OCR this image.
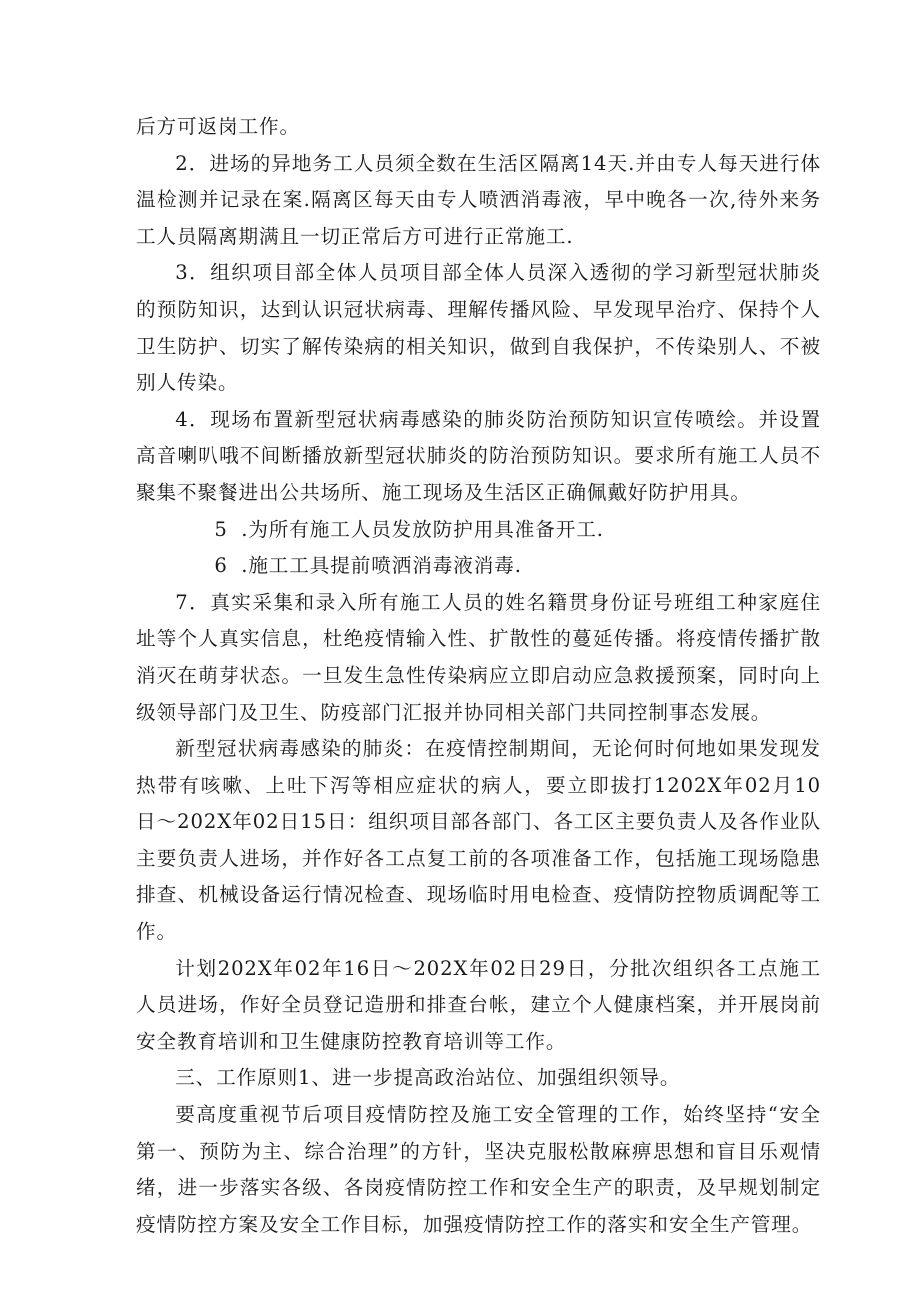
后方可返岗工作。

2．进场的异地务工人员须全数在生活区隔离14天.并由专人每天进行体温检测并记录在案.隔离区每天由专人喷洒消毒液，早中晚各一次,待外来务工人员隔离期满且一切正常后方可进行正常施工.

3．组织项目部全体人员项目部全体人员深入透彻的学习新型冠状肺炎的预防知识，达到认识冠状病毒、理解传播风险、早发现早治疗、保持个人卫生防护、切实了解传染病的相关知识，做到自我保护，不传染别人、不被别人传染。

4．现场布置新型冠状病毒感染的肺炎防治预防知识宣传喷绘。并设置高音喇叭哦不间断播放新型冠状肺炎的防治预防知识。要求所有施工人员不聚集不聚餐进出公共场所、施工现场及生活区正确佩戴好防护用具。

5 .为所有施工人员发放防护用具准备开工.

6 .施工工具提前喷洒消毒液消毒.

7．真实采集和录入所有施工人员的姓名籍贯身份证号班组工种家庭住址等个人真实信息，杜绝疫情输入性、扩散性的蔓延传播。将疫情传播扩散消灭在萌芽状态。一旦发生急性传染病应立即启动应急救援预案，同时向上级领导部门及卫生、防疫部门汇报并协同相关部门共同控制事态发展。

新型冠状病毒感染的肺炎：在疫情控制期间，无论何时何地如果发现发热带有咳嗽、上吐下泻等相应症状的病人，要立即拔打1202X年02月10日〜202X年02日15日：组织项目部各部门、各工区主要负责人及各作业队主要负责人进场，并作好各工点复工前的各项准备工作，包括施工现场隐患排查、机械设备运行情况检查、现场临时用电检查、疫情防控物质调配等工作。

计划202X年02年16日〜202X年02日29日，分批次组织各工点施工人员进场，作好全员登记造册和排查台帐，建立个人健康档案，并开展岗前安全教育培训和卫生健康防控教育培训等工作。

三、工作原则1、进一步提高政治站位、加强组织领导。

要高度重视节后项目疫情防控及施工安全管理的工作，始终坚持“安全第一、预防为主、综合治理”的方针，坚决克服松散麻痹思想和盲目乐观情绪，进一步落实各级、各岗疫情防控工作和安全生产的职责，及早规划制定疫情防控方案及安全工作目标，加强疫情防控工作的落实和安全生产管理。
